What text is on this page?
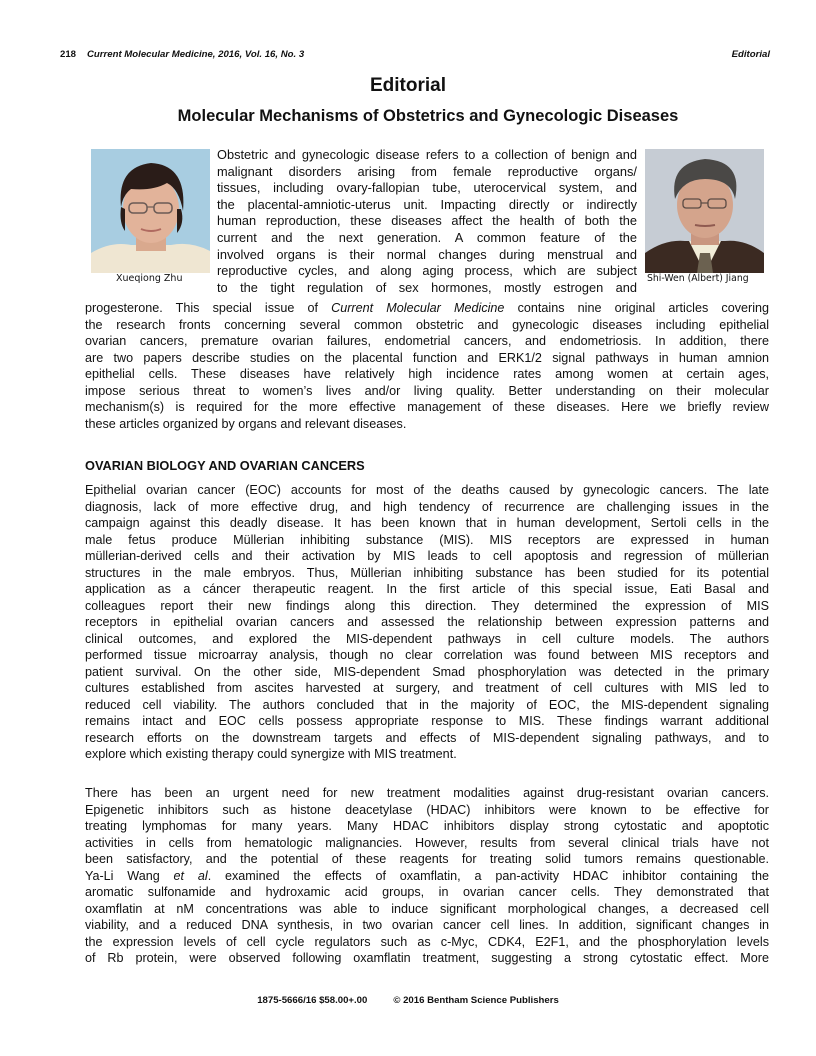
218 Current Molecular Medicine, 2016, Vol. 16, No. 3	Editorial
Editorial
Molecular Mechanisms of Obstetrics and Gynecologic Diseases
Xueqiong Zhu	Shi-Wen (Albert) Jiang
Obstetric and gynecologic disease refers to a collection of benign and
malignant disorders arising from female reproductive organs/
tissues, including ovary-fallopian tube, uterocervical system, and
the placental-amniotic-uterus unit. Impacting directly or indirectly
human reproduction, these diseases affect the health of both the
current and the next generation. A common feature of the
involved organs is their normal changes during menstrual and
reproductive cycles, and along aging process, which are subject
to the tight regulation of sex hormones, mostly estrogen and
progesterone. This special issue of Current Molecular Medicine contains nine original articles covering
the research fronts concerning several common obstetric and gynecologic diseases including epithelial
ovarian cancers, premature ovarian failures, endometrial cancers, and endometriosis. In addition, there
are two papers describe studies on the placental function and ERK1/2 signal pathways in human amnion
epithelial cells. These diseases have relatively high incidence rates among women at certain ages,
impose serious threat to women’s lives and/or living quality. Better understanding on their molecular
mechanism(s) is required for the more effective management of these diseases. Here we briefly review
these articles organized by organs and relevant diseases.
OVARIAN BIOLOGY AND OVARIAN CANCERS
Epithelial ovarian cancer (EOC) accounts for most of the deaths caused by gynecologic cancers. The late
diagnosis, lack of more effective drug, and high tendency of recurrence are challenging issues in the
campaign against this deadly disease. It has been known that in human development, Sertoli cells in the
male fetus produce Müllerian inhibiting substance (MIS). MIS receptors are expressed in human
müllerian-derived cells and their activation by MIS leads to cell apoptosis and regression of müllerian
structures in the male embryos. Thus, Müllerian inhibiting substance has been studied for its potential
application as a cáncer therapeutic reagent. In the first article of this special issue, Eati Basal and
colleagues report their new findings along this direction. They determined the expression of MIS
receptors in epithelial ovarian cancers and assessed the relationship between expression patterns and
clinical outcomes, and explored the MIS-dependent pathways in cell culture models. The authors
performed tissue microarray analysis, though no clear correlation was found between MIS receptors and
patient survival. On the other side, MIS-dependent Smad phosphorylation was detected in the primary
cultures established from ascites harvested at surgery, and treatment of cell cultures with MIS led to
reduced cell viability. The authors concluded that in the majority of EOC, the MIS-dependent signaling
remains intact and EOC cells possess appropriate response to MIS. These findings warrant additional
research efforts on the downstream targets and effects of MIS-dependent signaling pathways, and to
explore which existing therapy could synergize with MIS treatment.
There has been an urgent need for new treatment modalities against drug-resistant ovarian cancers.
Epigenetic inhibitors such as histone deacetylase (HDAC) inhibitors were known to be effective for
treating lymphomas for many years. Many HDAC inhibitors display strong cytostatic and apoptotic
activities in cells from hematologic malignancies. However, results from several clinical trials have not
been satisfactory, and the potential of these reagents for treating solid tumors remains questionable.
Ya-Li Wang et al. examined the effects of oxamflatin, a pan-activity HDAC inhibitor containing the
aromatic sulfonamide and hydroxamic acid groups, in ovarian cancer cells. They demonstrated that
oxamflatin at nM concentrations was able to induce significant morphological changes, a decreased cell
viability, and a reduced DNA synthesis, in two ovarian cancer cell lines. In addition, significant changes in
the expression levels of cell cycle regulators such as c-Myc, CDK4, E2F1, and the phosphorylation levels
of Rb protein, were observed following oxamflatin treatment, suggesting a strong cytostatic effect. More
1875-5666/16 $58.00+.00	© 2016 Bentham Science Publishers
